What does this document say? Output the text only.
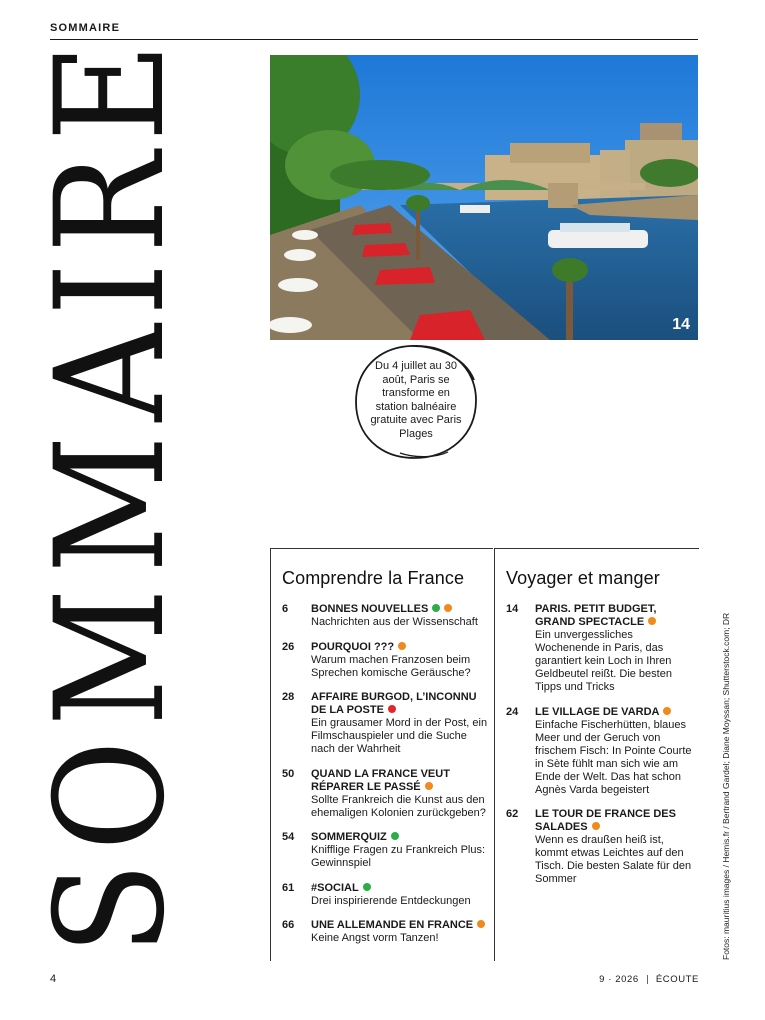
SOMMAIRE
S
O
M
M
A
I
R
E
14
Du 4 juillet au 30 août, Paris se transforme en station balnéaire gratuite avec Paris Plages
Comprendre la France
6	BONNES NOUVELLES
Nachrichten aus der Wissenschaft
26	POURQUOI ???
Warum machen Franzosen beim Sprechen komische Geräusche?
28	AFFAIRE BURGOD, L’INCONNU DE LA POSTE
Ein grausamer Mord in der Post, ein Filmschauspieler und die Suche nach der Wahrheit
50	QUAND LA FRANCE VEUT RÉPARER LE PASSÉ
Sollte Frankreich die Kunst aus den ehemaligen Kolonien zurückgeben?
54	SOMMERQUIZ
Knifflige Fragen zu Frankreich Plus: Gewinnspiel
61	#SOCIAL
Drei inspirierende Entdeckungen
66	UNE ALLEMANDE EN FRANCE
Keine Angst vorm Tanzen!
Voyager et manger
14	PARIS. PETIT BUDGET, GRAND SPECTACLE
Ein unvergessliches Wochenende in Paris, das garantiert kein Loch in Ihren Geldbeutel reißt. Die besten Tipps und Tricks
24	LE VILLAGE DE VARDA
Einfache Fischerhütten, blaues Meer und der Geruch von frischem Fisch: In Pointe Courte in Sète fühlt man sich wie am Ende der Welt. Das hat schon Agnès Varda begeistert
62	LE TOUR DE FRANCE DES SALADES
Wenn es draußen heiß ist, kommt etwas Leichtes auf den Tisch. Die besten Salate für den Sommer	Fotos: mauritius images / Hemis.fr / Bertrand Gardel; Diane Moyssan; Shutterstock.com; DR
4	9 · 2026 ÉCOUTE
